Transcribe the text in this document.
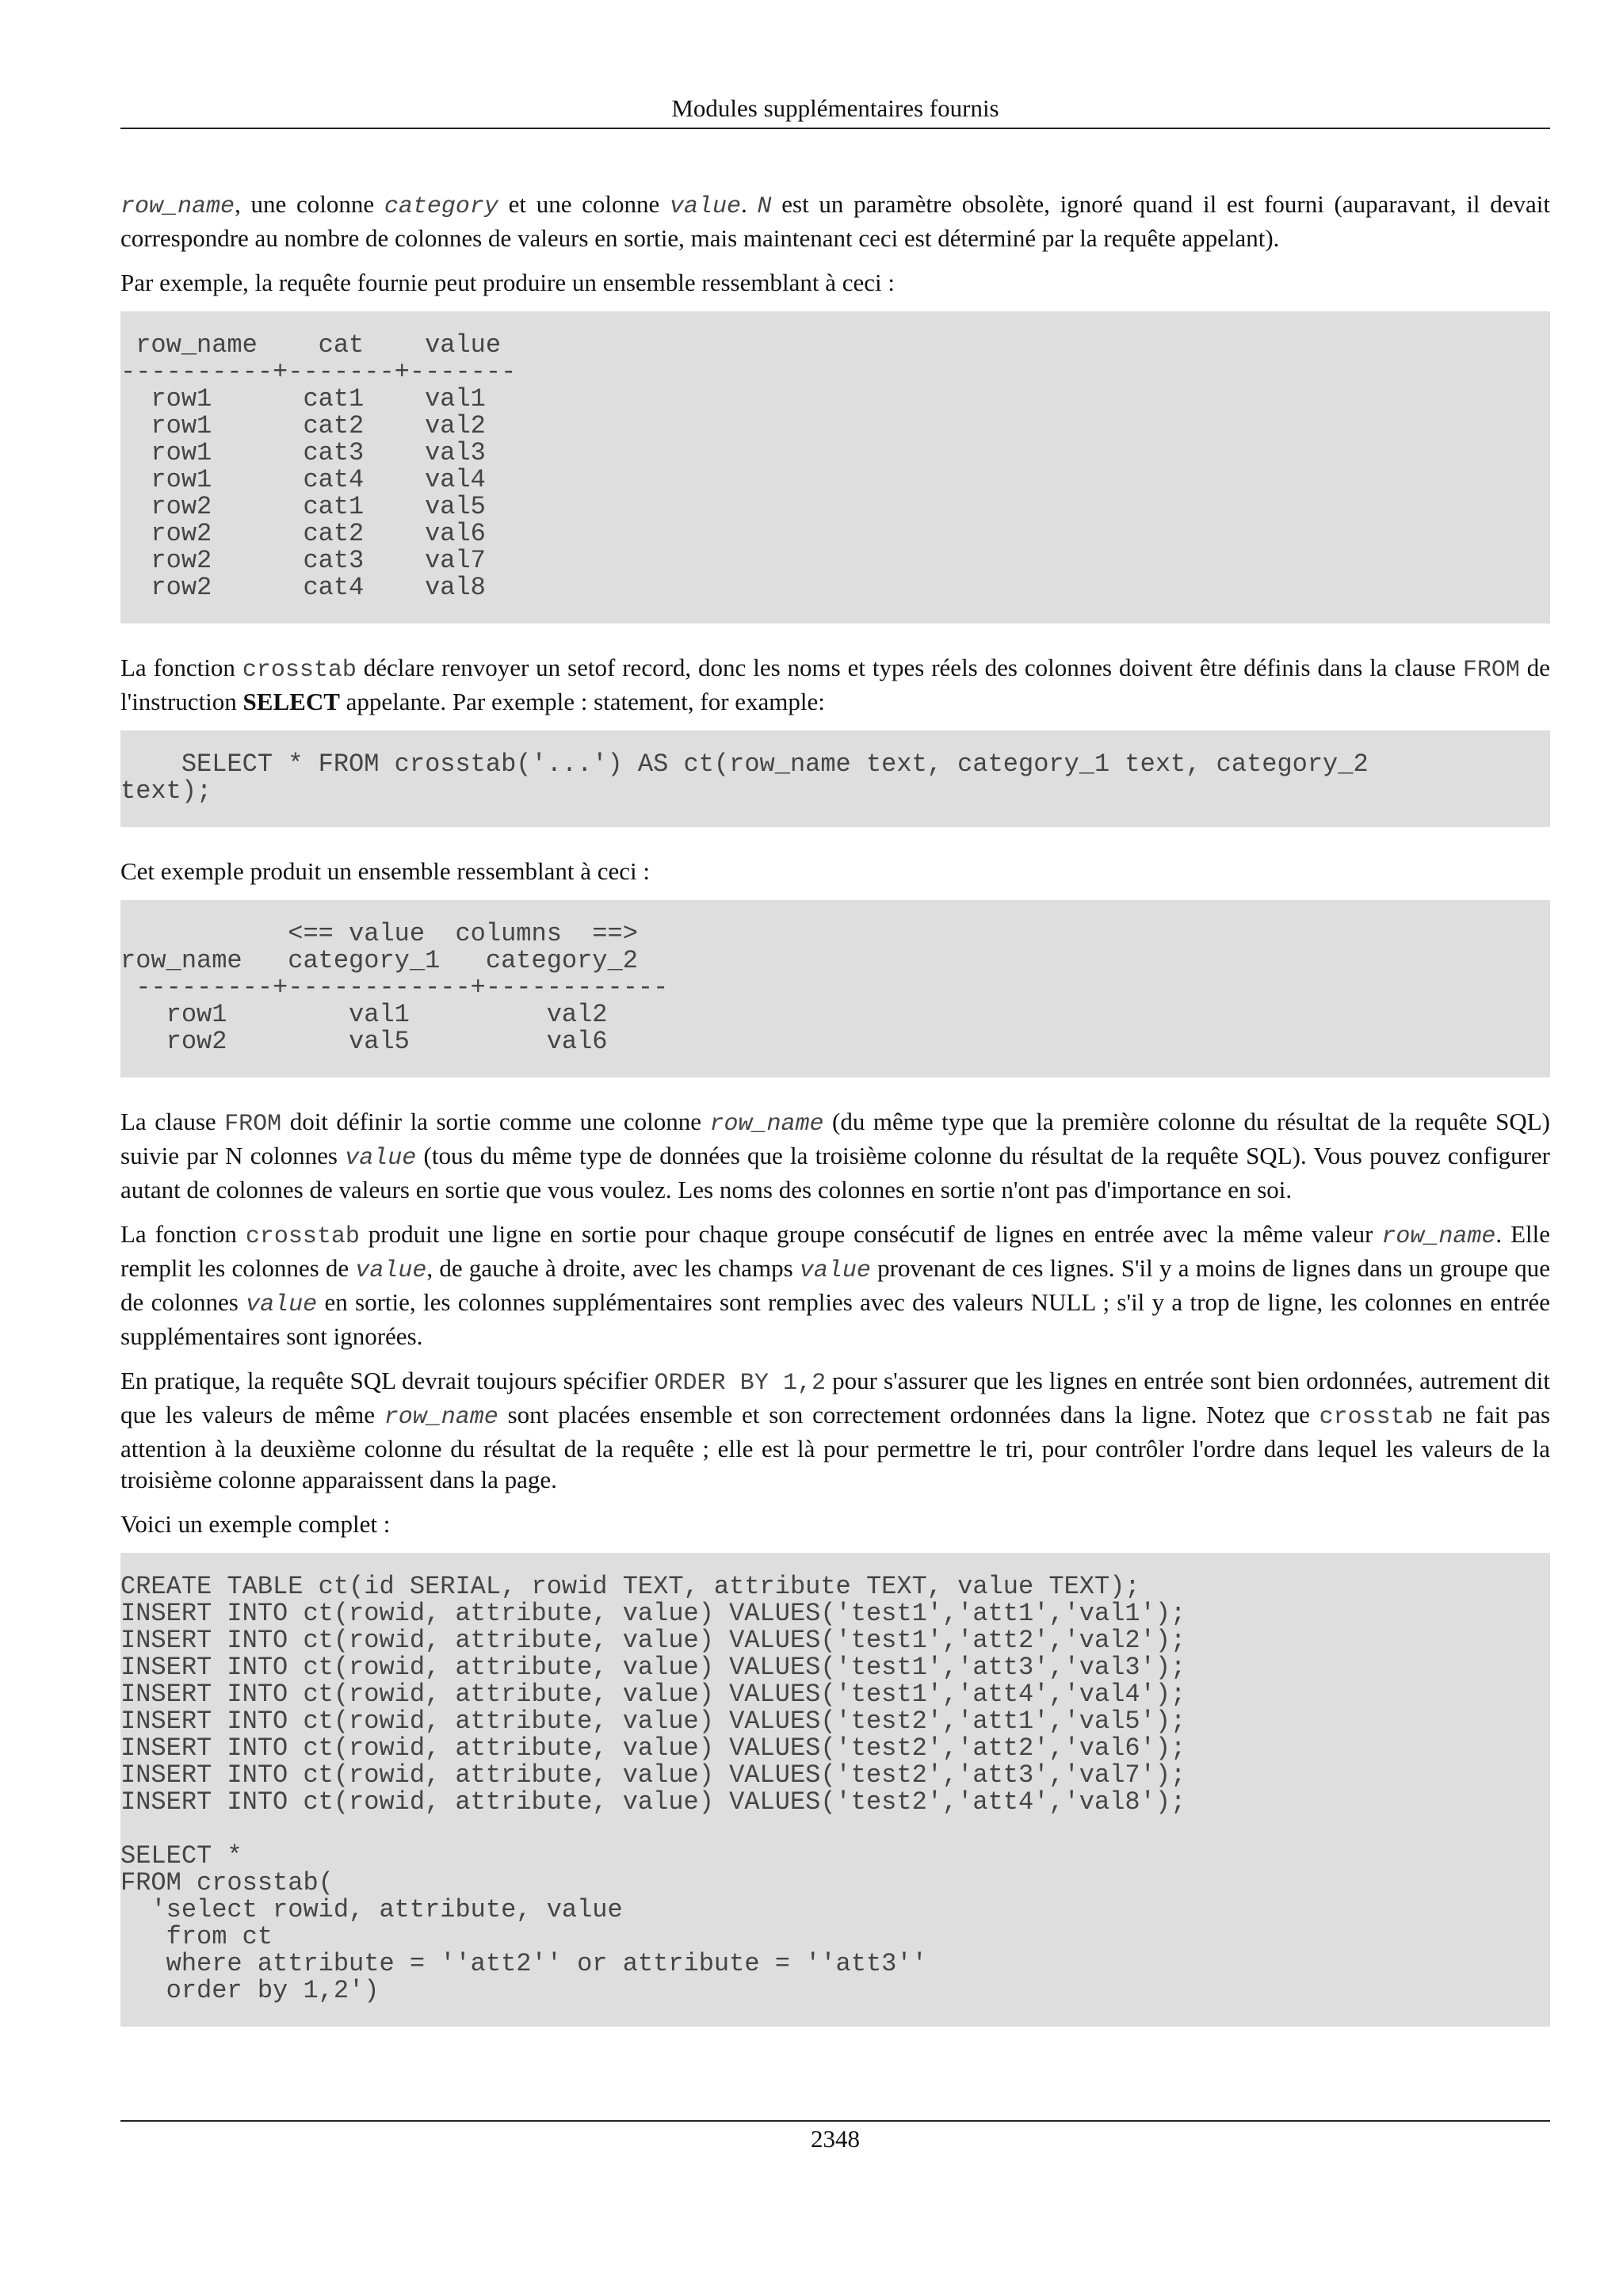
Modules supplémentaires fournis

row_name, une colonne category et une colonne value. N est un paramètre obsolète, ignoré quand il est fourni (auparavant, il devait correspondre au nombre de colonnes de valeurs en sortie, mais maintenant ceci est déterminé par la requête appelant).

Par exemple, la requête fournie peut produire un ensemble ressemblant à ceci :

row_name    cat    value
----------+-------+-------
row1      cat1    val1
row1      cat2    val2
row1      cat3    val3
row1      cat4    val4
row2      cat1    val5
row2      cat2    val6
row2      cat3    val7
row2      cat4    val8

La fonction crosstab déclare renvoyer un setof record, donc les noms et types réels des colonnes doivent être définis dans la clause FROM de l'instruction SELECT appelante. Par exemple : statement, for example:

SELECT * FROM crosstab('...') AS ct(row_name text, category_1 text, category_2
text);

Cet exemple produit un ensemble ressemblant à ceci :

<== value  columns  ==>
row_name   category_1   category_2
---------+------------+------------
row1        val1         val2
row2        val5         val6

La clause FROM doit définir la sortie comme une colonne row_name (du même type que la première colonne du résultat de la requête SQL) suivie par N colonnes value (tous du même type de données que la troisième colonne du résultat de la requête SQL). Vous pouvez configurer autant de colonnes de valeurs en sortie que vous voulez. Les noms des colonnes en sortie n'ont pas d'importance en soi.

La fonction crosstab produit une ligne en sortie pour chaque groupe consécutif de lignes en entrée avec la même valeur row_name. Elle remplit les colonnes de value, de gauche à droite, avec les champs value provenant de ces lignes. S'il y a moins de lignes dans un groupe que de colonnes value en sortie, les colonnes supplémentaires sont remplies avec des valeurs NULL ; s'il y a trop de ligne, les colonnes en entrée supplémentaires sont ignorées.

En pratique, la requête SQL devrait toujours spécifier ORDER BY 1,2 pour s'assurer que les lignes en entrée sont bien ordonnées, autrement dit que les valeurs de même row_name sont placées ensemble et son correctement ordonnées dans la ligne. Notez que crosstab ne fait pas attention à la deuxième colonne du résultat de la requête ; elle est là pour permettre le tri, pour contrôler l'ordre dans lequel les valeurs de la troisième colonne apparaissent dans la page.

Voici un exemple complet :

CREATE TABLE ct(id SERIAL, rowid TEXT, attribute TEXT, value TEXT);
INSERT INTO ct(rowid, attribute, value) VALUES('test1','att1','val1');
INSERT INTO ct(rowid, attribute, value) VALUES('test1','att2','val2');
INSERT INTO ct(rowid, attribute, value) VALUES('test1','att3','val3');
INSERT INTO ct(rowid, attribute, value) VALUES('test1','att4','val4');
INSERT INTO ct(rowid, attribute, value) VALUES('test2','att1','val5');
INSERT INTO ct(rowid, attribute, value) VALUES('test2','att2','val6');
INSERT INTO ct(rowid, attribute, value) VALUES('test2','att3','val7');
INSERT INTO ct(rowid, attribute, value) VALUES('test2','att4','val8');

SELECT *
FROM crosstab(
'select rowid, attribute, value
from ct
where attribute = ''att2'' or attribute = ''att3''
order by 1,2')
2348
